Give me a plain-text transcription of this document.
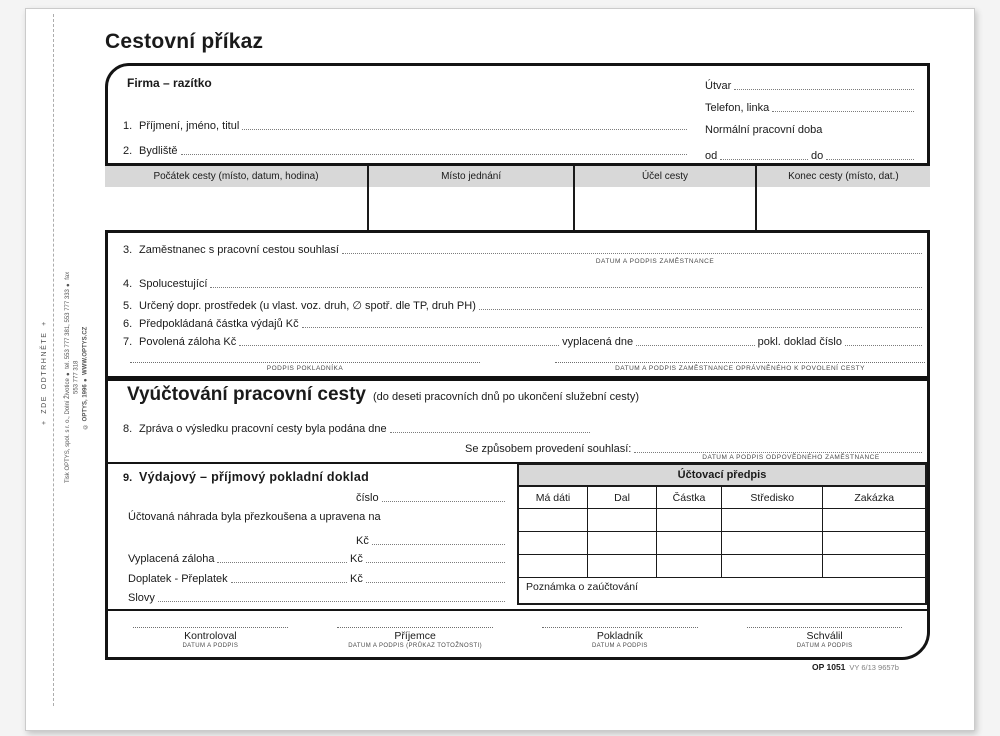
+ ZDE ODTRHNĚTE +	Tisk OPTYS, spol. s r. o., Dolní Životice ● tel. 553 777 381, 553 777 333 ● fax 553 777 318 © OPTYS, 1996 ● WWW.OPTYS.CZ
Cestovní příkaz
Firma – razítko	Útvar
Telefon, linka
Normální pracovní doba
od	do
1. Příjmení, jméno, titul
2. Bydliště
Počátek cesty (místo, datum, hodina)	Místo jednání	Účel cesty	Konec cesty (místo, dat.)
3. Zaměstnanec s pracovní cestou souhlasí
DATUM A PODPIS ZAMĚSTNANCE
4. Spolucestující
5. Určený dopr. prostředek (u vlast. voz. druh, ∅ spotř. dle TP, druh PH)
6. Předpokládaná částka výdajů Kč
7. Povolená záloha Kč	vyplacená dne	pokl. doklad číslo
PODPIS POKLADNÍKA	DATUM A PODPIS ZAMĚSTNANCE OPRÁVNĚNÉHO K POVOLENÍ CESTY
Vyúčtování pracovní cesty (do deseti pracovních dnů po ukončení služební cesty)
8. Zpráva o výsledku pracovní cesty byla podána dne
Se způsobem provedení souhlasí:
DATUM A PODPIS ODPOVĚDNÉHO ZAMĚSTNANCE
9. Výdajový – příjmový pokladní doklad
číslo
Účtovaná náhrada byla přezkoušena a upravena na
Kč
Vyplacená záloha	Kč
Doplatek - Přeplatek	Kč
Slovy
Účtovací předpis
Má dáti	Dal	Částka	Středisko	Zakázka
Poznámka o zaúčtování
Kontroloval
DATUM A PODPIS
Příjemce
DATUM A PODPIS (PRŮKAZ TOTOŽNOSTI)
Pokladník
DATUM A PODPIS
Schválil
DATUM A PODPIS
OP 1051 VY 6/13 9657b
